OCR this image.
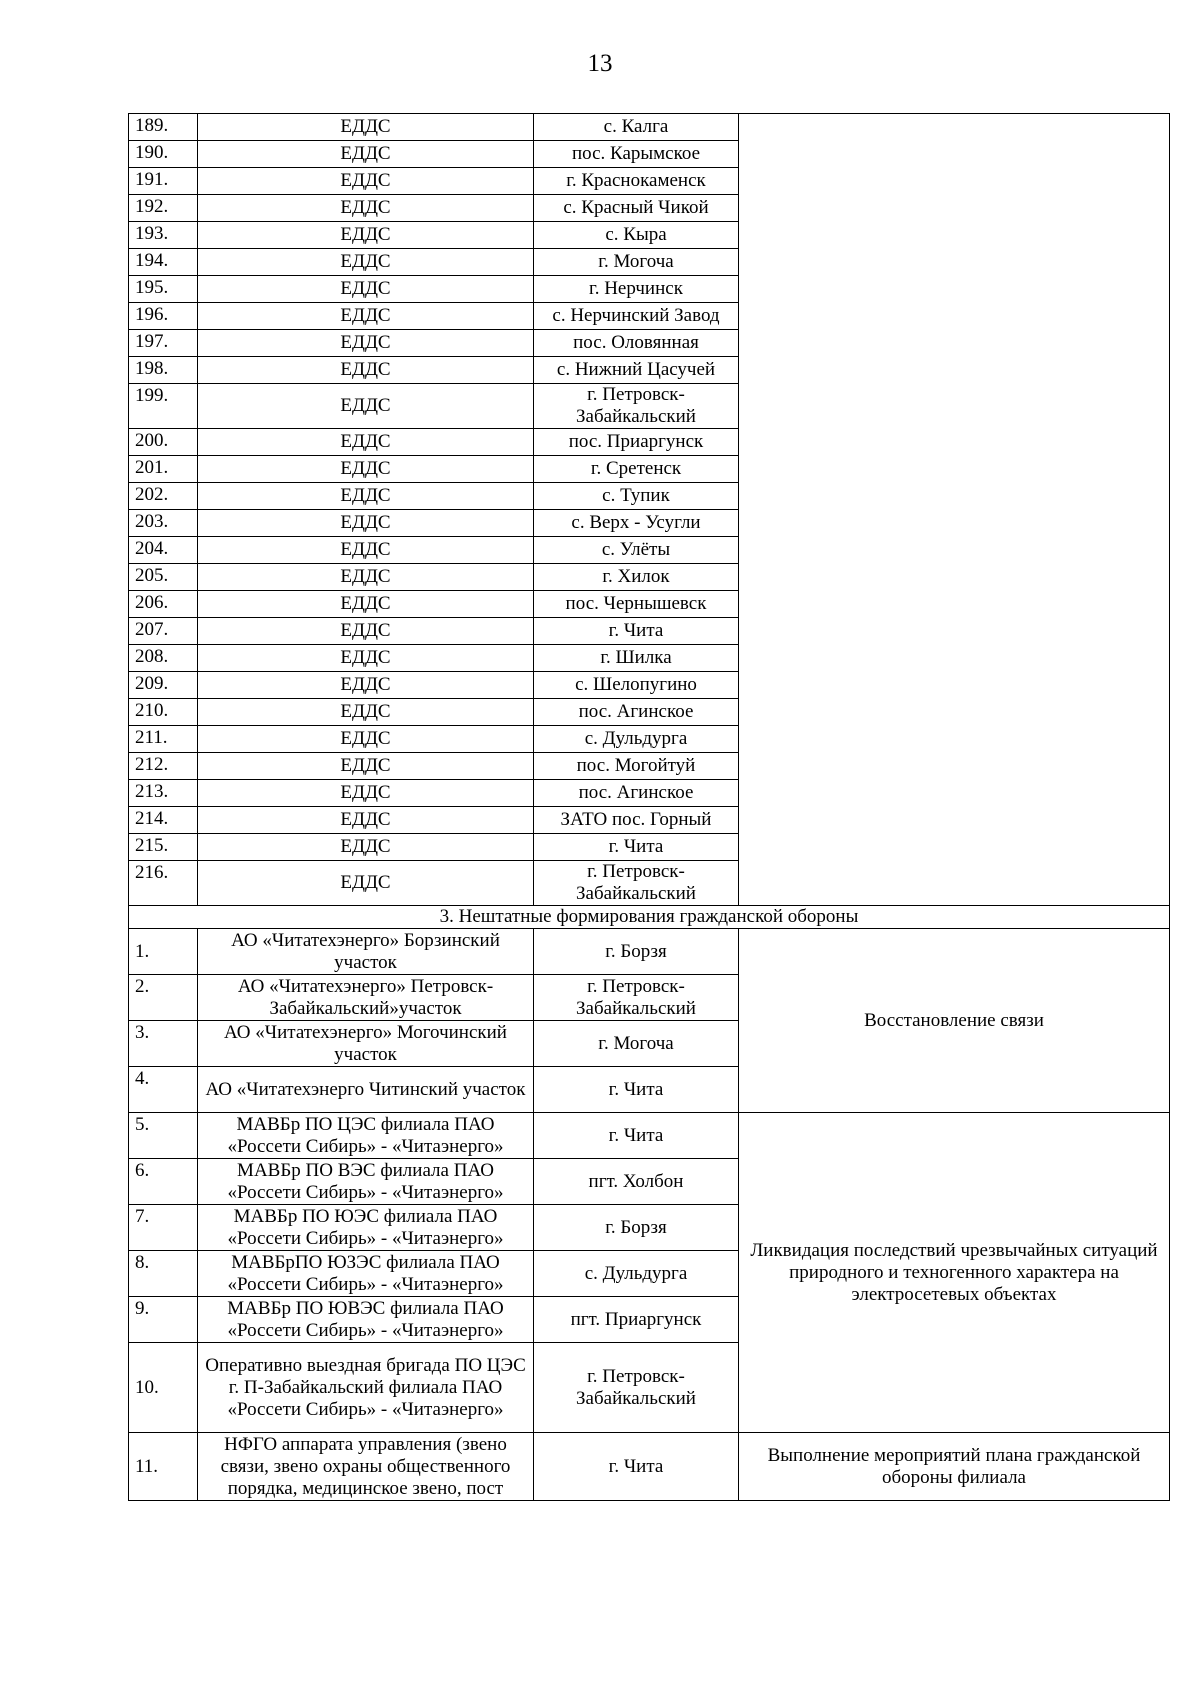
13
189.	ЕДДС	с. Калга	
190.	ЕДДС	пос. Карымское	
191.	ЕДДС	г. Краснокаменск	
192.	ЕДДС	с. Красный Чикой	
193.	ЕДДС	с. Кыра	
194.	ЕДДС	г. Могоча	
195.	ЕДДС	г. Нерчинск	
196.	ЕДДС	с. Нерчинский Завод	
197.	ЕДДС	пос. Оловянная	
198.	ЕДДС	с. Нижний Цасучей	
199.	ЕДДС	г. Петровск-Забайкальский	
200.	ЕДДС	пос. Приаргунск	
201.	ЕДДС	г. Сретенск	
202.	ЕДДС	с. Тупик	
203.	ЕДДС	с. Верх - Усугли	
204.	ЕДДС	с. Улёты	
205.	ЕДДС	г. Хилок	
206.	ЕДДС	пос. Чернышевск	
207.	ЕДДС	г. Чита	
208.	ЕДДС	г. Шилка	
209.	ЕДДС	с. Шелопугино	
210.	ЕДДС	пос. Агинское	
211.	ЕДДС	с. Дульдурга	
212.	ЕДДС	пос. Могойтуй	
213.	ЕДДС	пос. Агинское	
214.	ЕДДС	ЗАТО пос. Горный	
215.	ЕДДС	г. Чита	
216.	ЕДДС	г. Петровск-Забайкальский	
3. Нештатные формирования гражданской обороны			
1.	АО «Читатехэнерго» Борзинский участок	г. Борзя	Восстановление связи
2.	АО «Читатехэнерго» Петровск-Забайкальский»участок	г. Петровск-Забайкальский	
3.	АО «Читатехэнерго» Могочинский участок	г. Могоча	
4.	АО «Читатехэнерго Читинский участок	г. Чита	
5.	МАВБр ПО ЦЭС филиала ПАО «Россети Сибирь» - «Читаэнерго»	г. Чита	Ликвидация последствий чрезвычайных ситуаций природного и техногенного характера на электросетевых объектах
6.	МАВБр ПО ВЭС филиала ПАО «Россети Сибирь» - «Читаэнерго»	пгт. Холбон	
7.	МАВБр ПО ЮЭС филиала ПАО «Россети Сибирь» - «Читаэнерго»	г. Борзя	
8.	МАВБрПО ЮЗЭС филиала ПАО «Россети Сибирь» - «Читаэнерго»	с. Дульдурга	
9.	МАВБр ПО ЮВЭС филиала ПАО «Россети Сибирь» - «Читаэнерго»	пгт. Приаргунск	
10.	Оперативно выездная бригада ПО ЦЭС г. П-Забайкальский филиала ПАО «Россети Сибирь» - «Читаэнерго»	г. Петровск-Забайкальский	
11.	НФГО аппарата управления (звено связи, звено охраны общественного порядка, медицинское звено, пост	г. Чита	Выполнение мероприятий плана гражданской обороны филиала
